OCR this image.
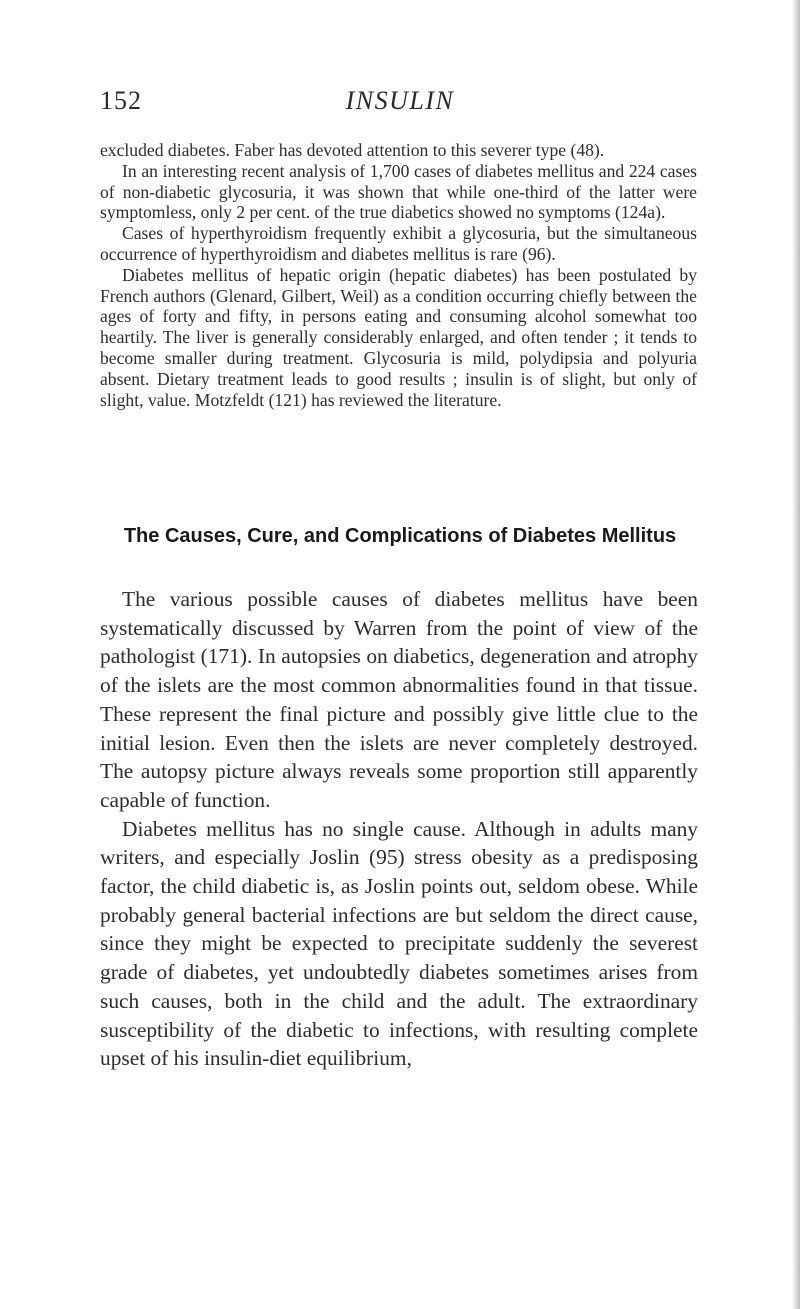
152	INSULIN

excluded diabetes. Faber has devoted attention to this severer type (48).

In an interesting recent analysis of 1,700 cases of diabetes mellitus and 224 cases of non-diabetic glycosuria, it was shown that while one-third of the latter were symptomless, only 2 per cent. of the true diabetics showed no symptoms (124a).

Cases of hyperthyroidism frequently exhibit a glycosuria, but the simultaneous occurrence of hyperthyroidism and diabetes mellitus is rare (96).

Diabetes mellitus of hepatic origin (hepatic diabetes) has been postulated by French authors (Glenard, Gilbert, Weil) as a condition occurring chiefly between the ages of forty and fifty, in persons eating and consuming alcohol somewhat too heartily. The liver is generally considerably enlarged, and often tender ; it tends to become smaller during treatment. Glycosuria is mild, polydipsia and polyuria absent. Dietary treatment leads to good results ; insulin is of slight, but only of slight, value. Motzfeldt (121) has reviewed the literature.

The Causes, Cure, and Complications of Diabetes Mellitus

The various possible causes of diabetes mellitus have been systematically discussed by Warren from the point of view of the pathologist (171). In autopsies on diabetics, degeneration and atrophy of the islets are the most common abnormalities found in that tissue. These represent the final picture and possibly give little clue to the initial lesion. Even then the islets are never completely destroyed. The autopsy picture always reveals some proportion still apparently capable of function.

Diabetes mellitus has no single cause. Although in adults many writers, and especially Joslin (95) stress obesity as a predisposing factor, the child diabetic is, as Joslin points out, seldom obese. While probably general bacterial infections are but seldom the direct cause, since they might be expected to precipitate suddenly the severest grade of diabetes, yet undoubtedly diabetes sometimes arises from such causes, both in the child and the adult. The extraordinary susceptibility of the diabetic to infections, with resulting complete upset of his insulin-diet equilibrium,
